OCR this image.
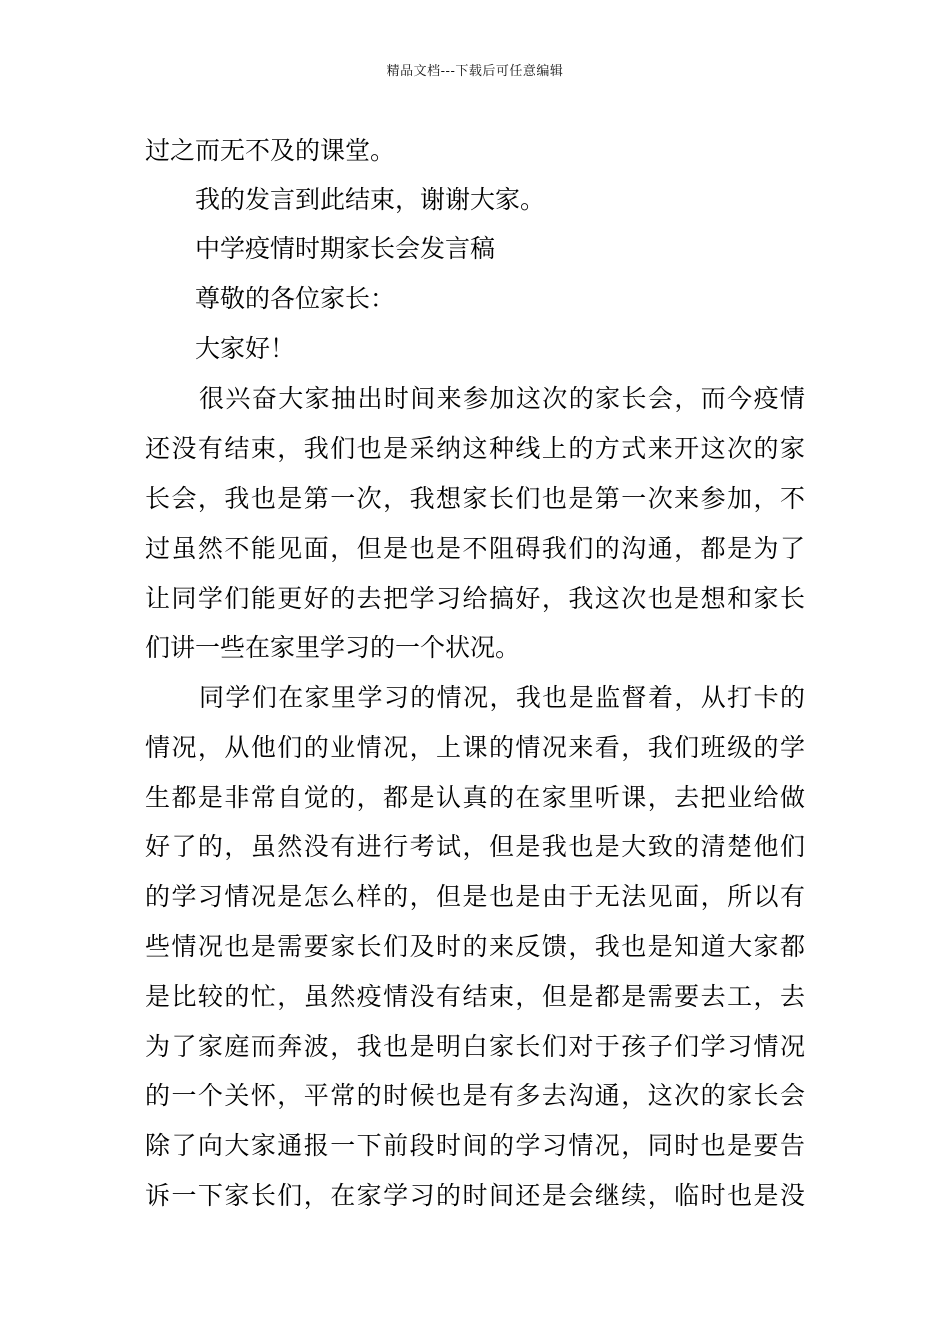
精品文档---下载后可任意编辑
过之而无不及的课堂。
我的发言到此结束，谢谢大家。
中学疫情时期家长会发言稿
尊敬的各位家长：
大家好！
很兴奋大家抽出时间来参加这次的家长会，而今疫情
还没有结束，我们也是采纳这种线上的方式来开这次的家
长会，我也是第一次，我想家长们也是第一次来参加，不
过虽然不能见面，但是也是不阻碍我们的沟通，都是为了
让同学们能更好的去把学习给搞好，我这次也是想和家长
们讲一些在家里学习的一个状况。
同学们在家里学习的情况，我也是监督着，从打卡的
情况，从他们的业情况，上课的情况来看，我们班级的学
生都是非常自觉的，都是认真的在家里听课，去把业给做
好了的，虽然没有进行考试，但是我也是大致的清楚他们
的学习情况是怎么样的，但是也是由于无法见面，所以有
些情况也是需要家长们及时的来反馈，我也是知道大家都
是比较的忙，虽然疫情没有结束，但是都是需要去工，去
为了家庭而奔波，我也是明白家长们对于孩子们学习情况
的一个关怀，平常的时候也是有多去沟通，这次的家长会
除了向大家通报一下前段时间的学习情况，同时也是要告
诉一下家长们，在家学习的时间还是会继续，临时也是没
